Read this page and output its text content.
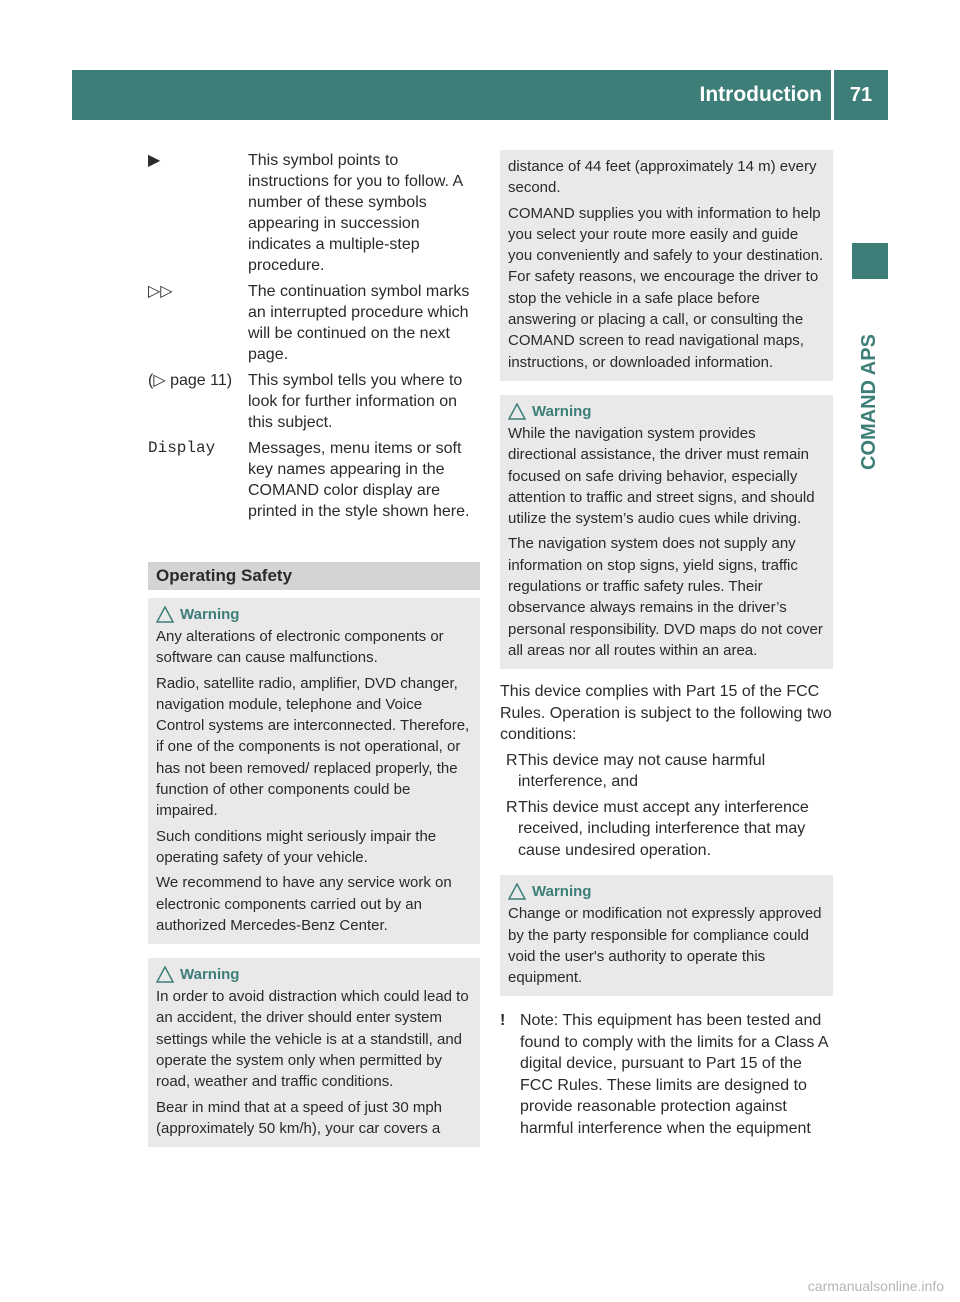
Introduction	71
COMAND APS
▶	This symbol points to instructions for you to follow. A number of these symbols appearing in succession indicates a multiple-step procedure.
▷▷	The continuation symbol marks an interrupted procedure which will be continued on the next page.
(▷ page 11) This symbol tells you where to look for further information on this subject.
Display	Messages, menu items or soft key names appearing in the COMAND color display are printed in the style shown here.
Operating Safety
Warning

Any alterations of electronic components or software can cause malfunctions.

Radio, satellite radio, amplifier, DVD changer, navigation module, telephone and Voice Control systems are interconnected. Therefore, if one of the components is not operational, or has not been removed/ replaced properly, the function of other components could be impaired.

Such conditions might seriously impair the operating safety of your vehicle.

We recommend to have any service work on electronic components carried out by an authorized Mercedes-Benz Center.

Warning

In order to avoid distraction which could lead to an accident, the driver should enter system settings while the vehicle is at a standstill, and operate the system only when permitted by road, weather and traffic conditions.

Bear in mind that at a speed of just 30 mph (approximately 50 km/h), your car covers a

distance of 44 feet (approximately 14 m) every second.

COMAND supplies you with information to help you select your route more easily and guide you conveniently and safely to your destination. For safety reasons, we encourage the driver to stop the vehicle in a safe place before answering or placing a call, or consulting the COMAND screen to read navigational maps, instructions, or downloaded information.

Warning

While the navigation system provides directional assistance, the driver must remain focused on safe driving behavior, especially attention to traffic and street signs, and should utilize the system’s audio cues while driving.

The navigation system does not supply any information on stop signs, yield signs, traffic regulations or traffic safety rules. Their observance always remains in the driver’s personal responsibility. DVD maps do not cover all areas nor all routes within an area.

This device complies with Part 15 of the FCC Rules. Operation is subject to the following two conditions:

R This device may not cause harmful interference, and
R This device must accept any interference received, including interference that may cause undesired operation.
Warning

Change or modification not expressly approved by the party responsible for compliance could void the user's authority to operate this equipment.

! Note: This equipment has been tested and found to comply with the limits for a Class A digital device, pursuant to Part 15 of the FCC Rules. These limits are designed to provide reasonable protection against harmful interference when the equipment
carmanualsonline.info
